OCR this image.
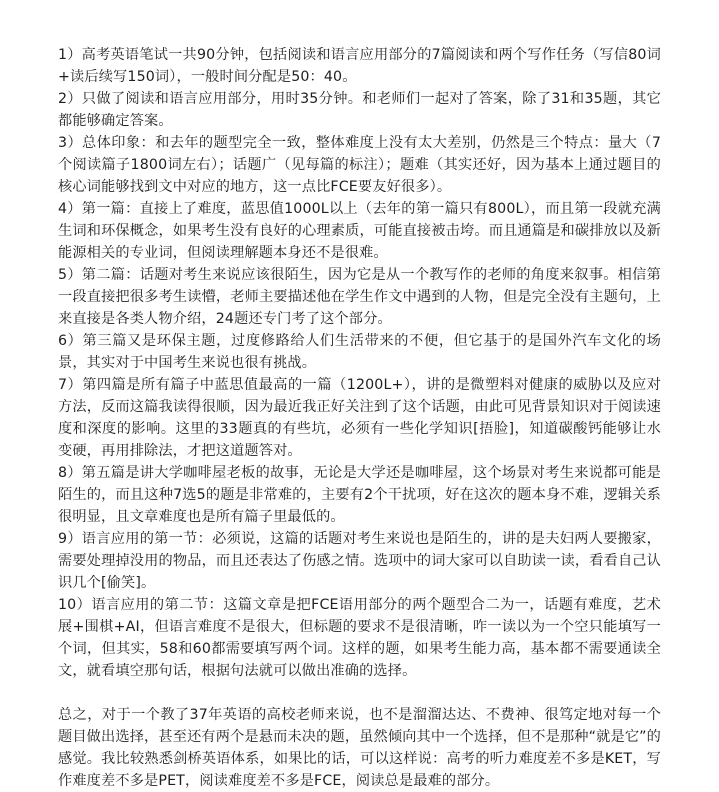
1）高考英语笔试一共90分钟，包括阅读和语言应用部分的7篇阅读和两个写作任务（写信80词+读后续写150词），一般时间分配是50：40。

2）只做了阅读和语言应用部分，用时35分钟。和老师们一起对了答案，除了31和35题，其它都能够确定答案。

3）总体印象：和去年的题型完全一致，整体难度上没有太大差别，仍然是三个特点：量大（7个阅读篇子1800词左右）；话题广（见每篇的标注）；题难（其实还好，因为基本上通过题目的核心词能够找到文中对应的地方，这一点比FCE要友好很多）。

4）第一篇：直接上了难度，蓝思值1000L以上（去年的第一篇只有800L），而且第一段就充满生词和环保概念，如果考生没有良好的心理素质，可能直接被击垮。而且通篇是和碳排放以及新能源相关的专业词，但阅读理解题本身还不是很难。

5）第二篇：话题对考生来说应该很陌生，因为它是从一个教写作的老师的角度来叙事。相信第一段直接把很多考生读懵，老师主要描述他在学生作文中遇到的人物，但是完全没有主题句，上来直接是各类人物介绍，24题还专门考了这个部分。

6）第三篇又是环保主题，过度修路给人们生活带来的不便，但它基于的是国外汽车文化的场景，其实对于中国考生来说也很有挑战。

7）第四篇是所有篇子中蓝思值最高的一篇（1200L+），讲的是微塑料对健康的威胁以及应对方法，反而这篇我读得很顺，因为最近我正好关注到了这个话题，由此可见背景知识对于阅读速度和深度的影响。这里的33题真的有些坑，必须有一些化学知识[捂脸]，知道碳酸钙能够让水变硬，再用排除法，才把这道题答对。

8）第五篇是讲大学咖啡屋老板的故事，无论是大学还是咖啡屋，这个场景对考生来说都可能是陌生的，而且这种7选5的题是非常难的，主要有2个干扰项，好在这次的题本身不难，逻辑关系很明显，且文章难度也是所有篇子里最低的。

9）语言应用的第一节：必须说，这篇的话题对考生来说也是陌生的，讲的是夫妇两人要搬家，需要处理掉没用的物品，而且还表达了伤感之情。选项中的词大家可以自助读一读，看看自己认识几个[偷笑]。

10）语言应用的第二节：这篇文章是把FCE语用部分的两个题型合二为一，话题有难度，艺术展+围棋+AI，但语言难度不是很大，但标题的要求不是很清晰，咋一读以为一个空只能填写一个词，但其实，58和60都需要填写两个词。这样的题，如果考生能力高，基本都不需要通读全文，就看填空那句话，根据句法就可以做出准确的选择。

总之，对于一个教了37年英语的高校老师来说，也不是溜溜达达、不费神、很笃定地对每一个题目做出选择，甚至还有两个是悬而未决的题，虽然倾向其中一个选择，但不是那种“就是它”的感觉。我比较熟悉剑桥英语体系，如果比的话，可以这样说：高考的听力难度差不多是KET，写作难度差不多是PET，阅读难度差不多是FCE，阅读总是最难的部分。
